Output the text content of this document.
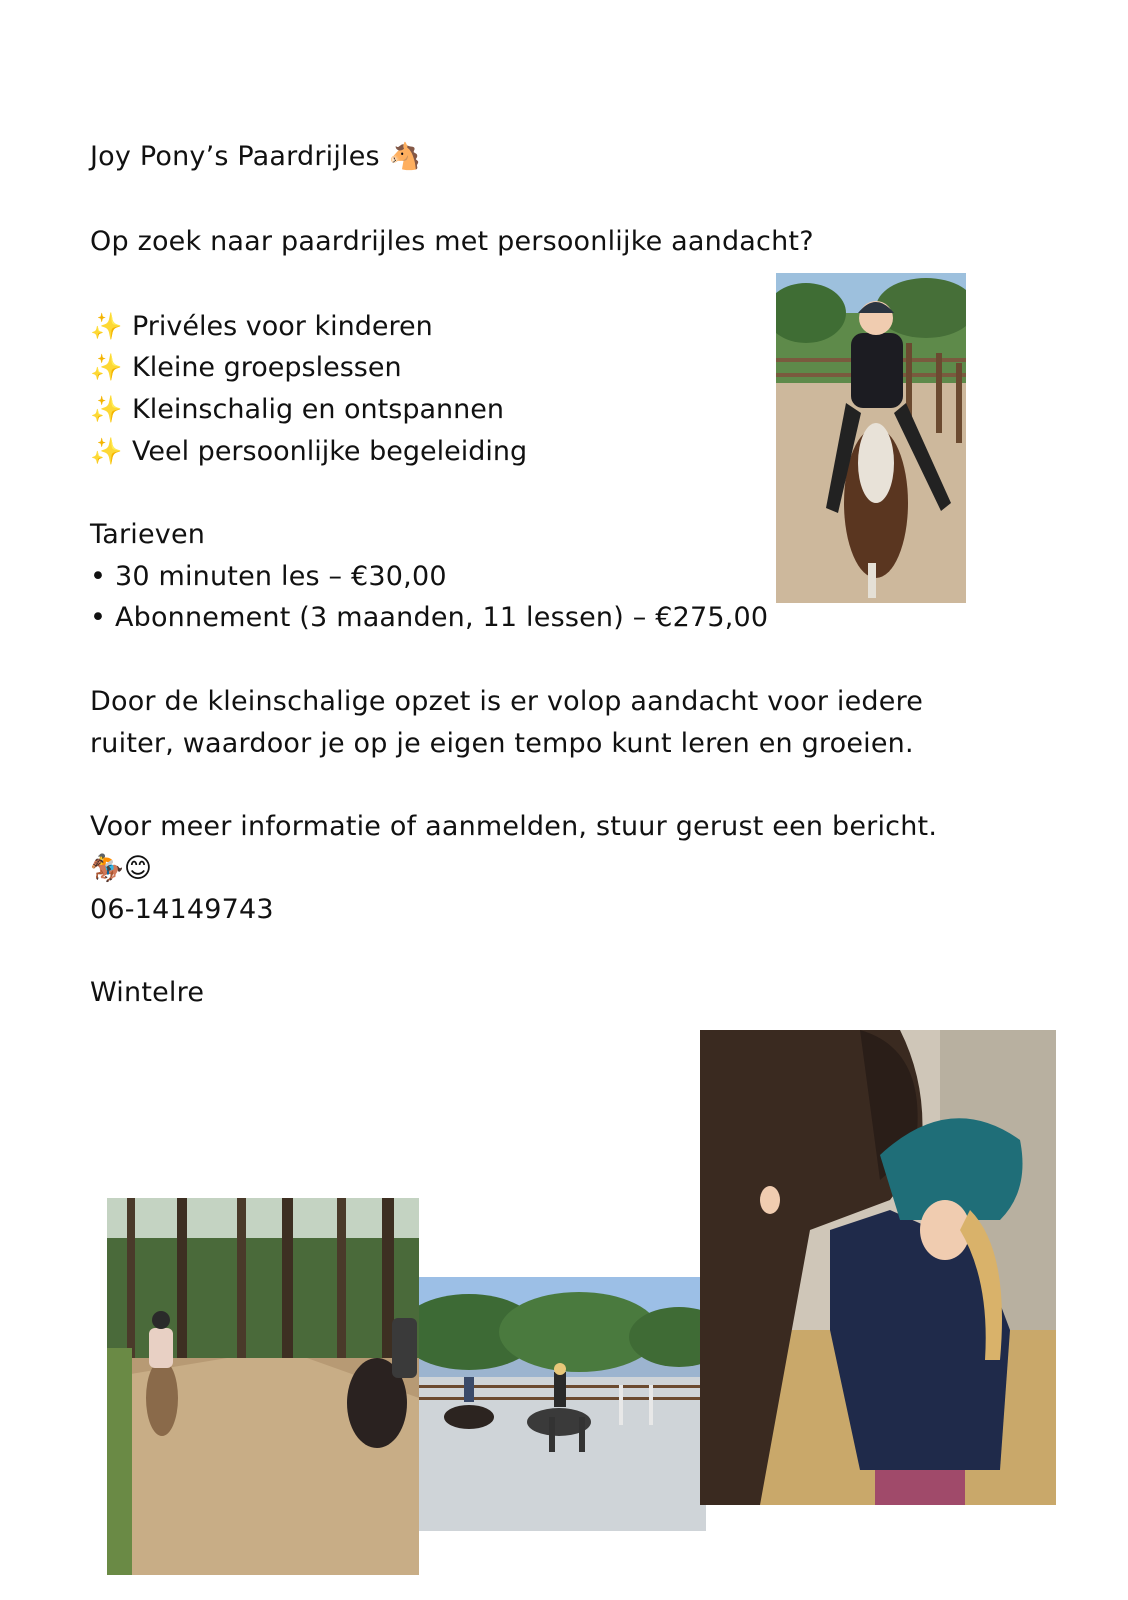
Joy Pony’s Paardrijles 🐴
Op zoek naar paardrijles met persoonlijke aandacht?
✨ Privéles voor kinderen
✨ Kleine groepslessen
✨ Kleinschalig en ontspannen
✨ Veel persoonlijke begeleiding
Tarieven
• 30 minuten les – €30,00
• Abonnement (3 maanden, 11 lessen) – €275,00
Door de kleinschalige opzet is er volop aandacht voor iedere
ruiter, waardoor je op je eigen tempo kunt leren en groeien.
Voor meer informatie of aanmelden, stuur gerust een bericht.
🏇😊
06-14149743
Wintelre
